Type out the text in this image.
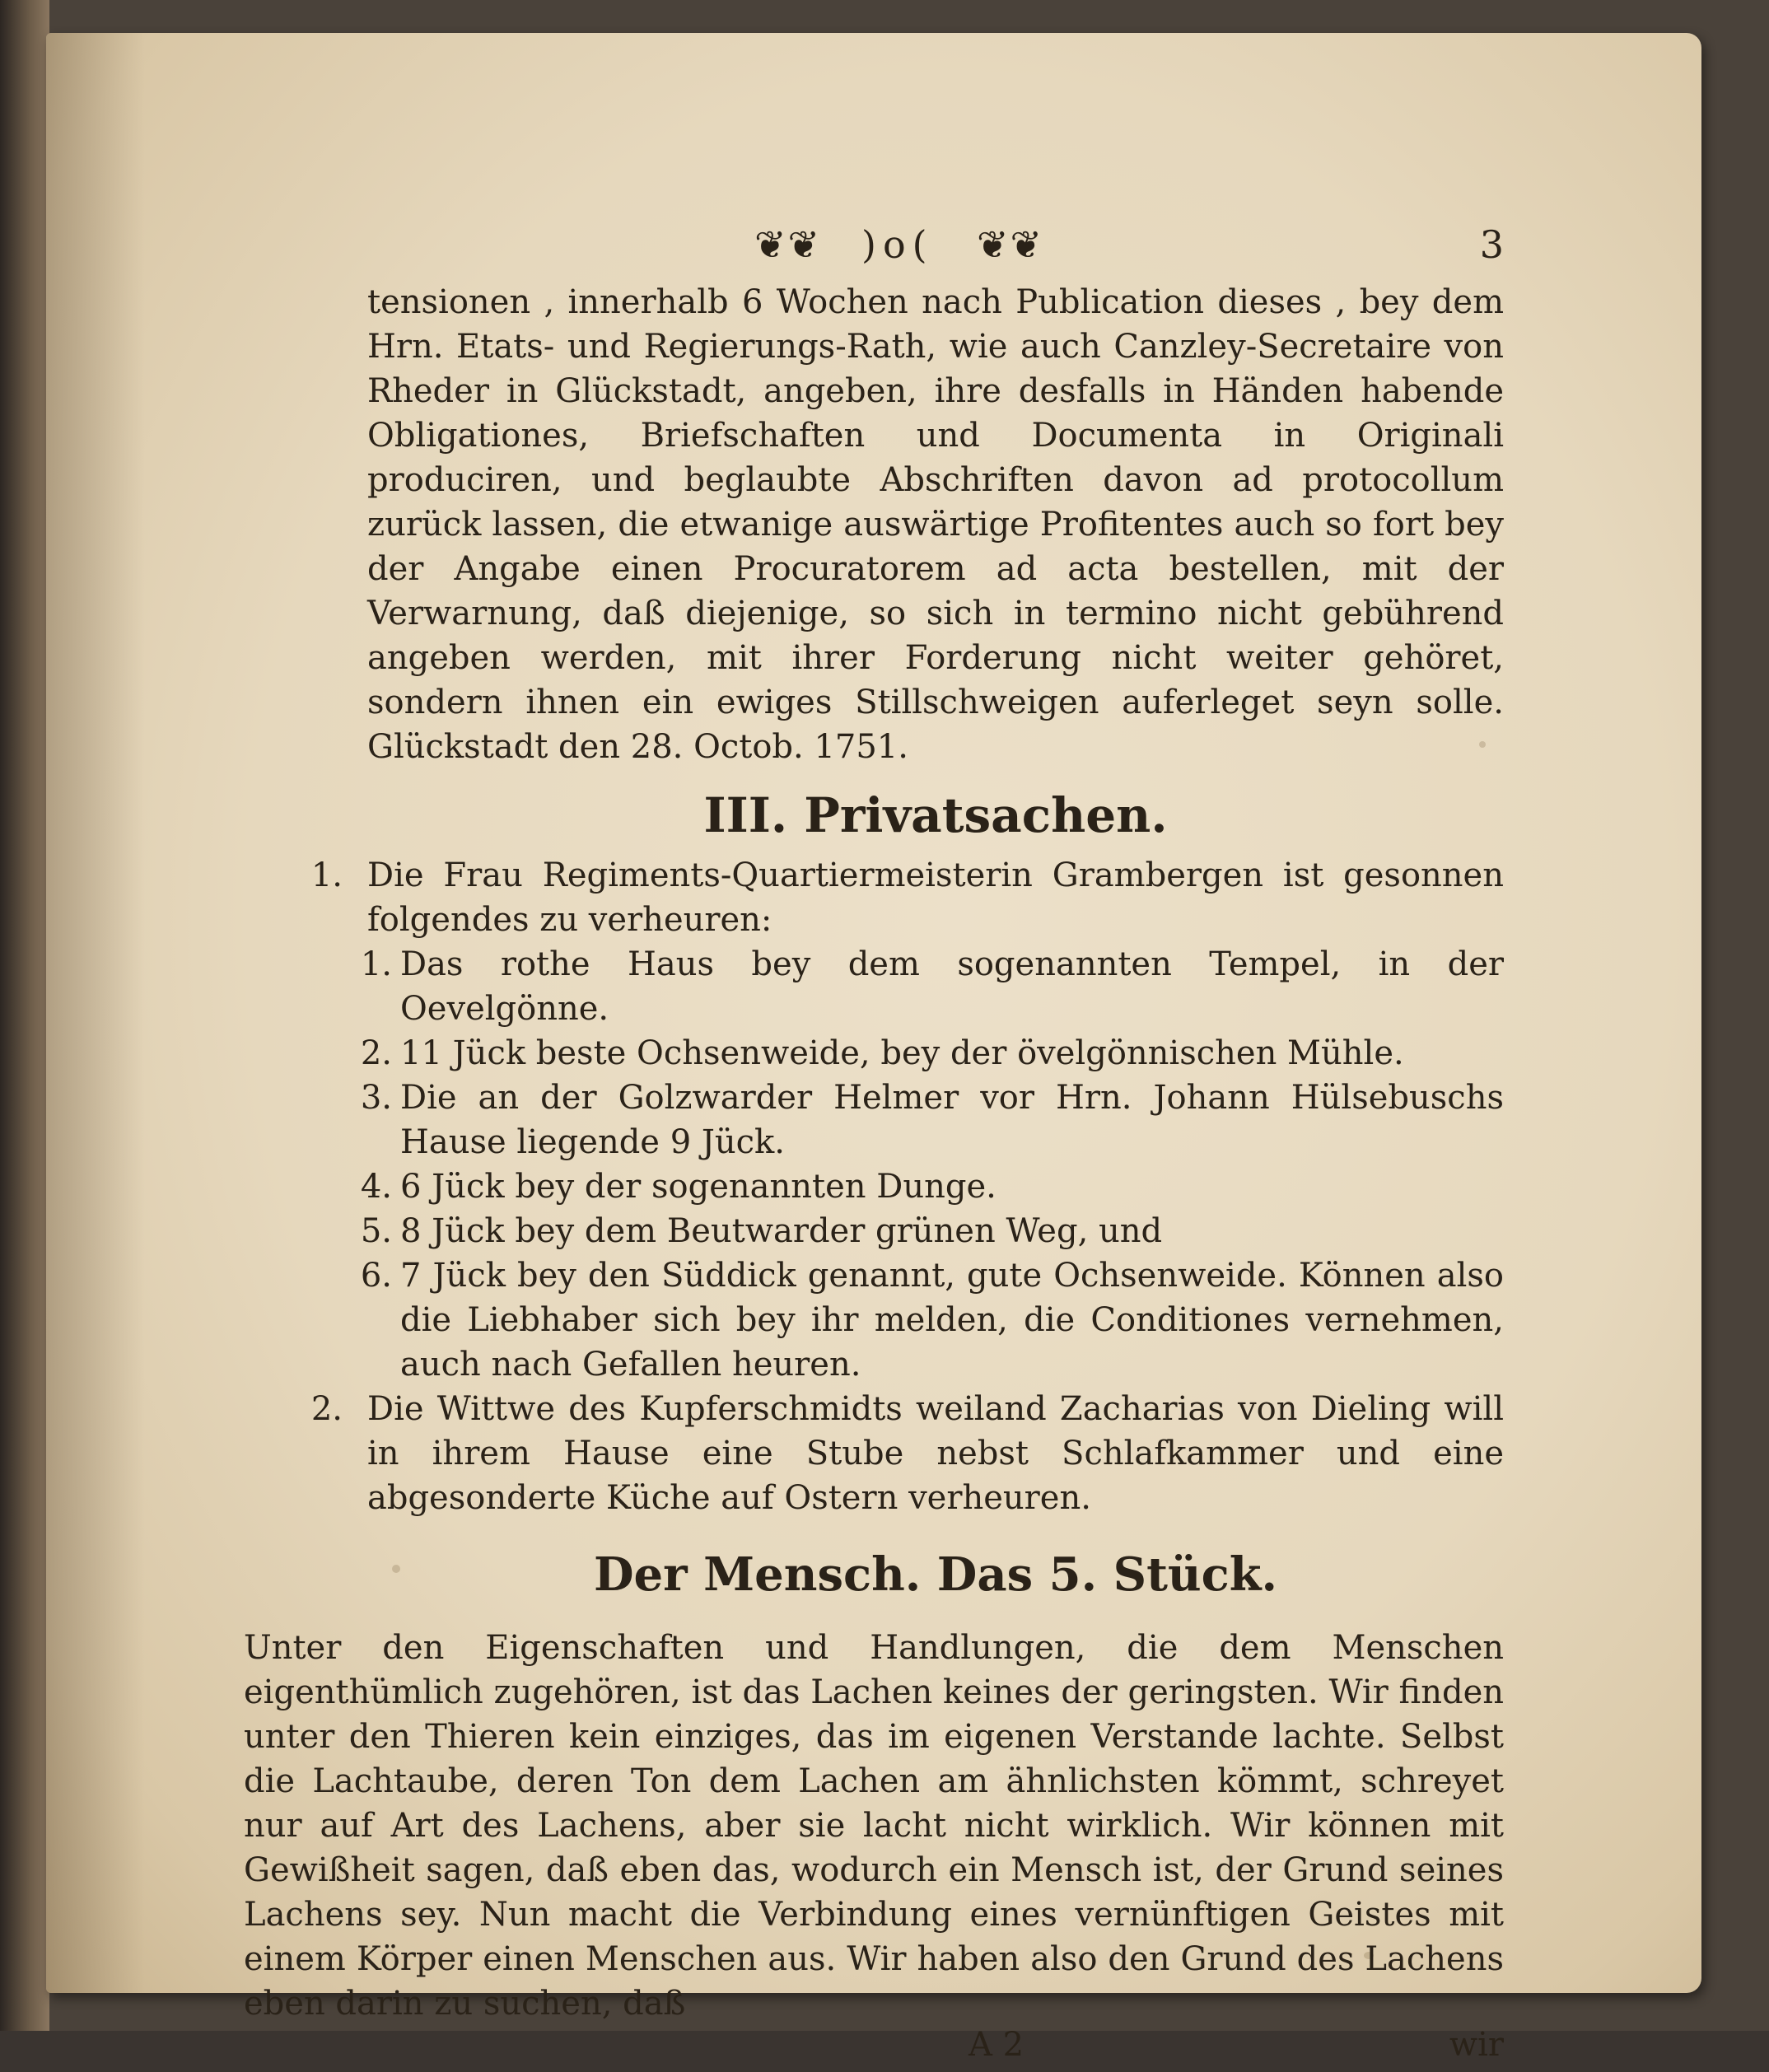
❦❦ )o( ❦❦	3

tensionen , innerhalb 6 Wochen nach Publication dieses , bey dem Hrn. Etats- und Regierungs-Rath, wie auch Canzley-Secretaire von Rheder in Glückstadt, angeben, ihre desfalls in Händen habende Obligationes, Briefschaften und Documenta in Originali produciren, und beglaubte Abschriften davon ad protocollum zurück lassen, die etwanige auswärtige Profitentes auch so fort bey der Angabe einen Procuratorem ad acta bestellen, mit der Verwarnung, daß diejenige, so sich in termino nicht gebührend angeben werden, mit ihrer Forderung nicht weiter gehöret, sondern ihnen ein ewiges Stillschweigen auferleget seyn solle. Glückstadt den 28. Octob. 1751.

III. Privatsachen.
1. Die Frau Regiments-Quartiermeisterin Grambergen ist gesonnen folgendes zu verheuren:
1. Das rothe Haus bey dem sogenannten Tempel, in der Oevelgönne.
2. 11 Jück beste Ochsenweide, bey der övelgönnischen Mühle.
3. Die an der Golzwarder Helmer vor Hrn. Johann Hülsebuschs Hause liegende 9 Jück.
4. 6 Jück bey der sogenannten Dunge.
5. 8 Jück bey dem Beutwarder grünen Weg, und
6. 7 Jück bey den Süddick genannt, gute Ochsenweide. Können also die Liebhaber sich bey ihr melden, die Conditiones vernehmen, auch nach Gefallen heuren.
2. Die Wittwe des Kupferschmidts weiland Zacharias von Dieling will in ihrem Hause eine Stube nebst Schlafkammer und eine abgesonderte Küche auf Ostern verheuren.
Der Mensch. Das 5. Stück.

Unter den Eigenschaften und Handlungen, die dem Menschen eigenthümlich zugehören, ist das Lachen keines der geringsten. Wir finden unter den Thieren kein einziges, das im eigenen Verstande lachte. Selbst die Lachtaube, deren Ton dem Lachen am ähnlichsten kömmt, schreyet nur auf Art des Lachens, aber sie lacht nicht wirklich. Wir können mit Gewißheit sagen, daß eben das, wodurch ein Mensch ist, der Grund seines Lachens sey. Nun macht die Verbindung eines vernünftigen Geistes mit einem Körper einen Menschen aus. Wir haben also den Grund des Lachens eben darin zu suchen, daß

A 2	wir
